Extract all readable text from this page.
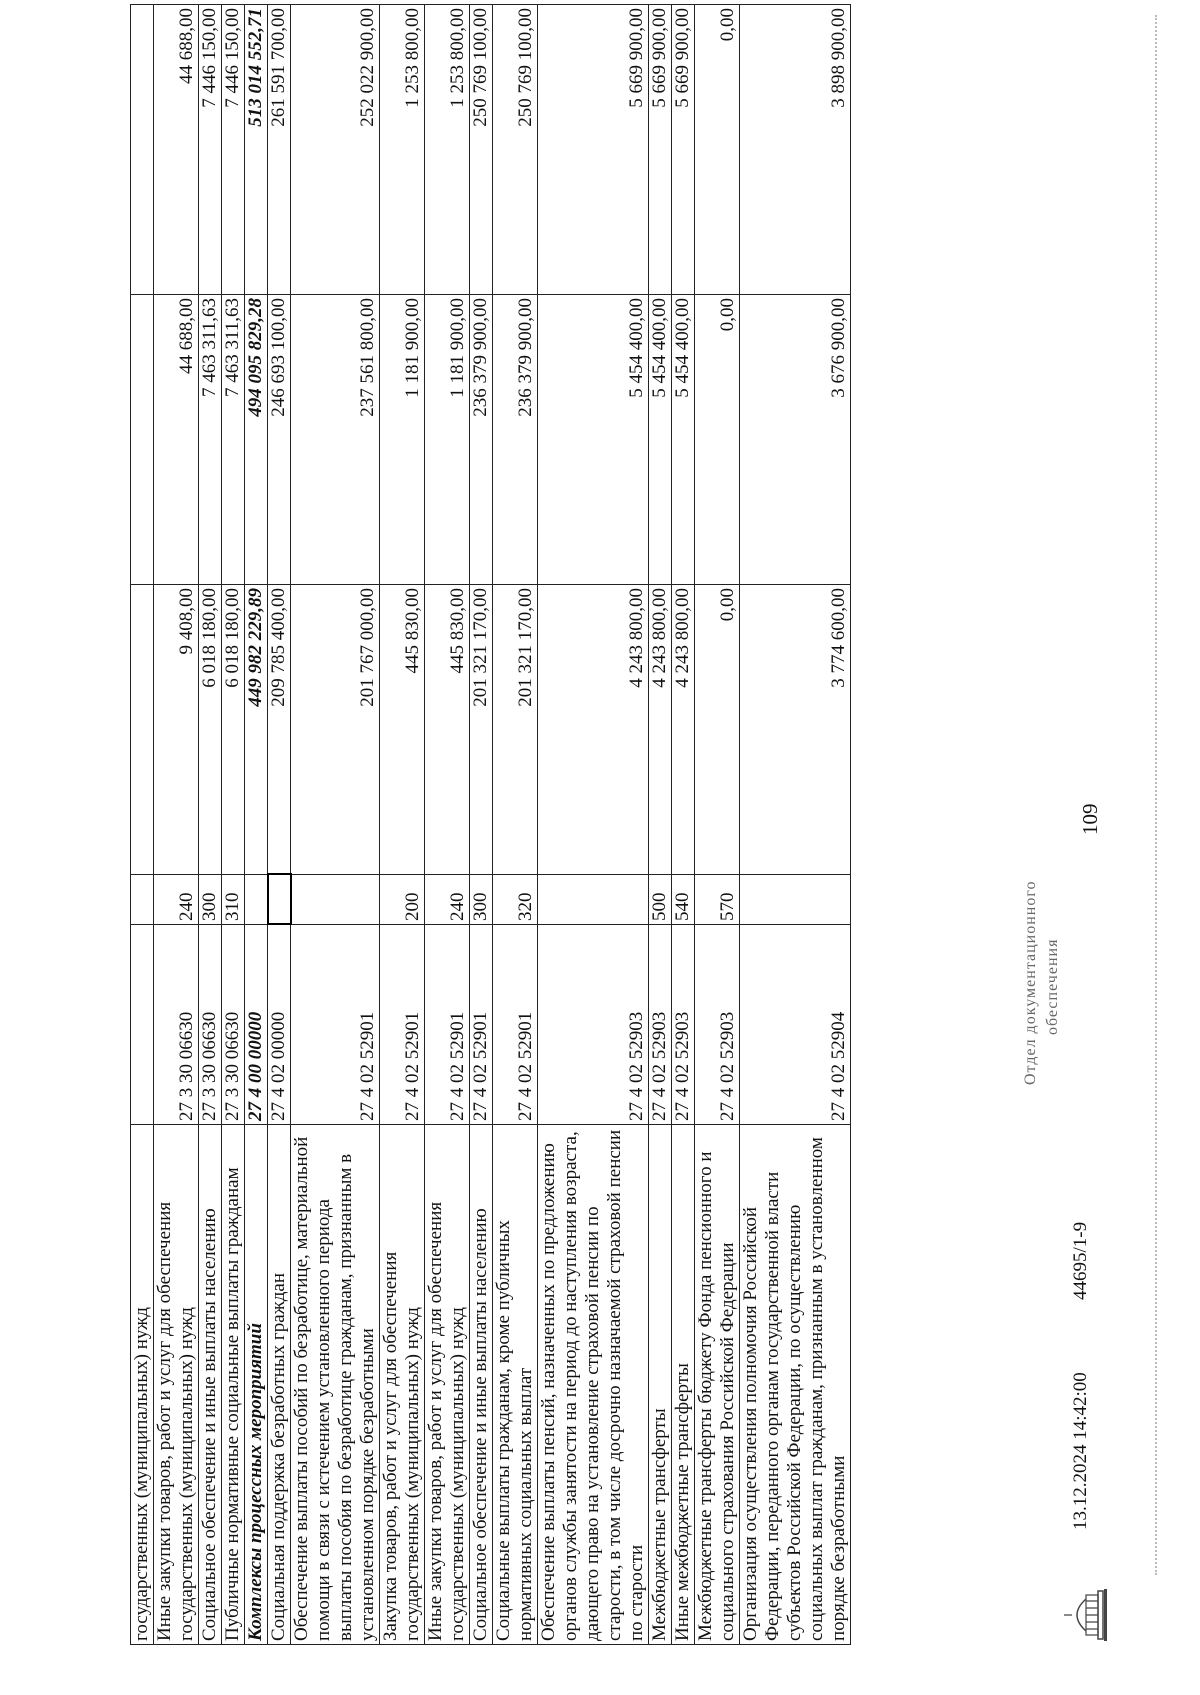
109
государственных (муниципальных) нужд					
Иные закупки товаров, работ и услуг для обеспечения государственных (муниципальных) нужд	27 3 30 06630	240	9 408,00	44 688,00	44 688,00
Социальное обеспечение и иные выплаты населению	27 3 30 06630	300	6 018 180,00	7 463 311,63	7 446 150,00
Публичные нормативные социальные выплаты гражданам	27 3 30 06630	310	6 018 180,00	7 463 311,63	7 446 150,00
Комплексы процессных мероприятий	27 4 00 00000		449 982 229,89	494 095 829,28	513 014 552,71
Социальная поддержка безработных граждан	27 4 02 00000		209 785 400,00	246 693 100,00	261 591 700,00
Обеспечение выплаты пособий по безработице, материальной помощи в связи с истечением установленного периода выплаты пособия по безработице гражданам, признанным в установленном порядке безработными	27 4 02 52901		201 767 000,00	237 561 800,00	252 022 900,00
Закупка товаров, работ и услуг для обеспечения государственных (муниципальных) нужд	27 4 02 52901	200	445 830,00	1 181 900,00	1 253 800,00
Иные закупки товаров, работ и услуг для обеспечения государственных (муниципальных) нужд	27 4 02 52901	240	445 830,00	1 181 900,00	1 253 800,00
Социальное обеспечение и иные выплаты населению	27 4 02 52901	300	201 321 170,00	236 379 900,00	250 769 100,00
Социальные выплаты гражданам, кроме публичных нормативных социальных выплат	27 4 02 52901	320	201 321 170,00	236 379 900,00	250 769 100,00
Обеспечение выплаты пенсий, назначенных по предложению органов службы занятости на период до наступления возраста, дающего право на установление страховой пенсии по старости, в том числе досрочно назначаемой страховой пенсии по старости	27 4 02 52903		4 243 800,00	5 454 400,00	5 669 900,00
Межбюджетные трансферты	27 4 02 52903	500	4 243 800,00	5 454 400,00	5 669 900,00
Иные межбюджетные трансферты	27 4 02 52903	540	4 243 800,00	5 454 400,00	5 669 900,00
Межбюджетные трансферты бюджету Фонда пенсионного и социального страхования Российской Федерации	27 4 02 52903	570	0,00	0,00	0,00
Организация осуществления полномочия Российской Федерации, переданного органам государственной власти субъектов Российской Федерации, по осуществлению социальных выплат гражданам, признанным в установленном порядке безработными	27 4 02 52904		3 774 600,00	3 676 900,00	3 898 900,00
13.12.2024 14:42:00
44695/1-9
Отдел документационного обеспечения
